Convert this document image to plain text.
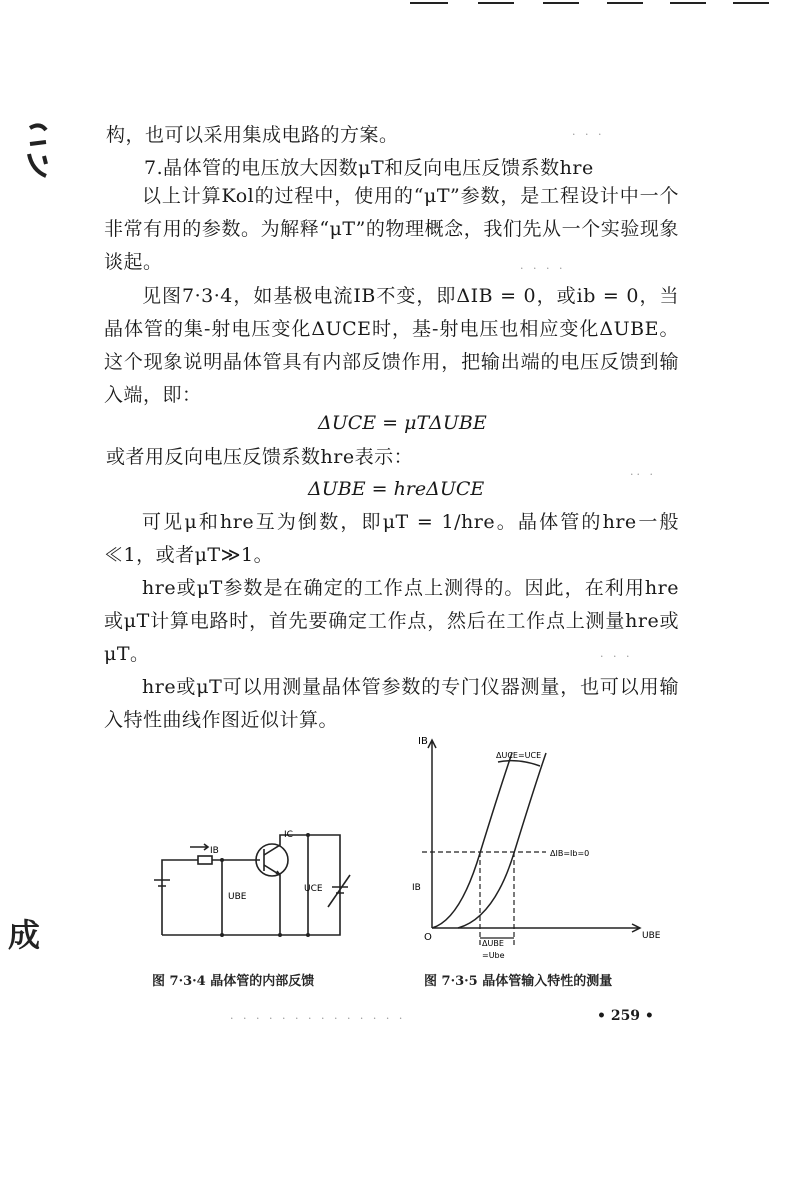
成
构，也可以采用集成电路的方案。
7.晶体管的电压放大因数μT和反向电压反馈系数hre

以上计算Kol的过程中，使用的“μT”参数，是工程设计中一个非常有用的参数。为解释“μT”的物理概念，我们先从一个实验现象谈起。

见图7·3·4，如基极电流IB不变，即ΔIB = 0，或ib = 0，当晶体管的集-射电压变化ΔUCE时，基-射电压也相应变化ΔUBE。这个现象说明晶体管具有内部反馈作用，把输出端的电压反馈到输入端，即：

ΔUCE = μTΔUBE
或者用反向电压反馈系数hre表示：
ΔUBE = hreΔUCE

可见μ和hre互为倒数，即μT = 1/hre。晶体管的hre一般≪1，或者μT≫1。

hre或μT参数是在确定的工作点上测得的。因此，在利用hre或μT计算电路时，首先要确定工作点，然后在工作点上测量hre或μT。

hre或μT可以用测量晶体管参数的专门仪器测量，也可以用输入特性曲线作图近似计算。

IB
IC
UBE
UCE
图 7·3·4 晶体管的内部反馈
IB
UBE
O
ΔUCE=UCE
ΔIB=Ib=0
IB
ΔUBE
=Ube
图 7·3·5 晶体管输入特性的测量
· · ·
· · · ·
·· ·
· · ·
· · · · · · · · · · · · · ·	• 259 •
